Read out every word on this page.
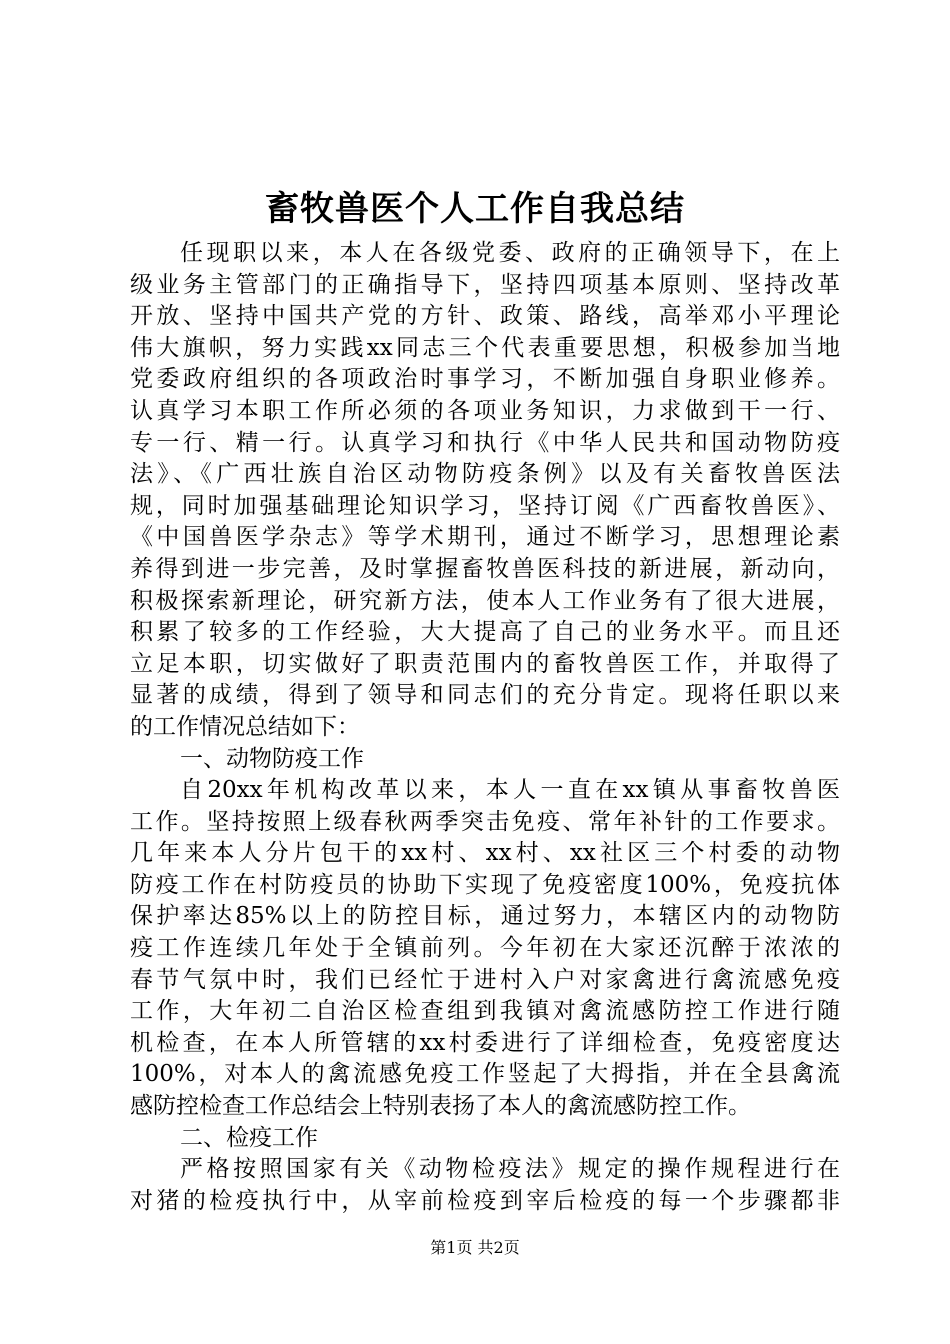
畜牧兽医个人工作自我总结
任现职以来，本人在各级党委、政府的正确领导下，在上
级业务主管部门的正确指导下，坚持四项基本原则、坚持改革
开放、坚持中国共产党的方针、政策、路线，高举邓小平理论
伟大旗帜，努力实践xx同志三个代表重要思想，积极参加当地
党委政府组织的各项政治时事学习，不断加强自身职业修养。
认真学习本职工作所必须的各项业务知识，力求做到干一行、
专一行、精一行。认真学习和执行《中华人民共和国动物防疫
法》、《广西壮族自治区动物防疫条例》以及有关畜牧兽医法
规，同时加强基础理论知识学习，坚持订阅《广西畜牧兽医》、
《中国兽医学杂志》等学术期刊，通过不断学习，思想理论素
养得到进一步完善，及时掌握畜牧兽医科技的新进展，新动向，
积极探索新理论，研究新方法，使本人工作业务有了很大进展，
积累了较多的工作经验，大大提高了自己的业务水平。而且还
立足本职，切实做好了职责范围内的畜牧兽医工作，并取得了
显著的成绩，得到了领导和同志们的充分肯定。现将任职以来
的工作情况总结如下：
一、动物防疫工作
自20xx年机构改革以来，本人一直在xx镇从事畜牧兽医
工作。坚持按照上级春秋两季突击免疫、常年补针的工作要求。
几年来本人分片包干的xx村、xx村、xx社区三个村委的动物
防疫工作在村防疫员的协助下实现了免疫密度100%，免疫抗体
保护率达85%以上的防控目标，通过努力，本辖区内的动物防
疫工作连续几年处于全镇前列。今年初在大家还沉醉于浓浓的
春节气氛中时，我们已经忙于进村入户对家禽进行禽流感免疫
工作，大年初二自治区检查组到我镇对禽流感防控工作进行随
机检查，在本人所管辖的xx村委进行了详细检查，免疫密度达
100%，对本人的禽流感免疫工作竖起了大拇指，并在全县禽流
感防控检查工作总结会上特别表扬了本人的禽流感防控工作。
二、检疫工作
严格按照国家有关《动物检疫法》规定的操作规程进行在
对猪的检疫执行中，从宰前检疫到宰后检疫的每一个步骤都非
第1页 共2页
